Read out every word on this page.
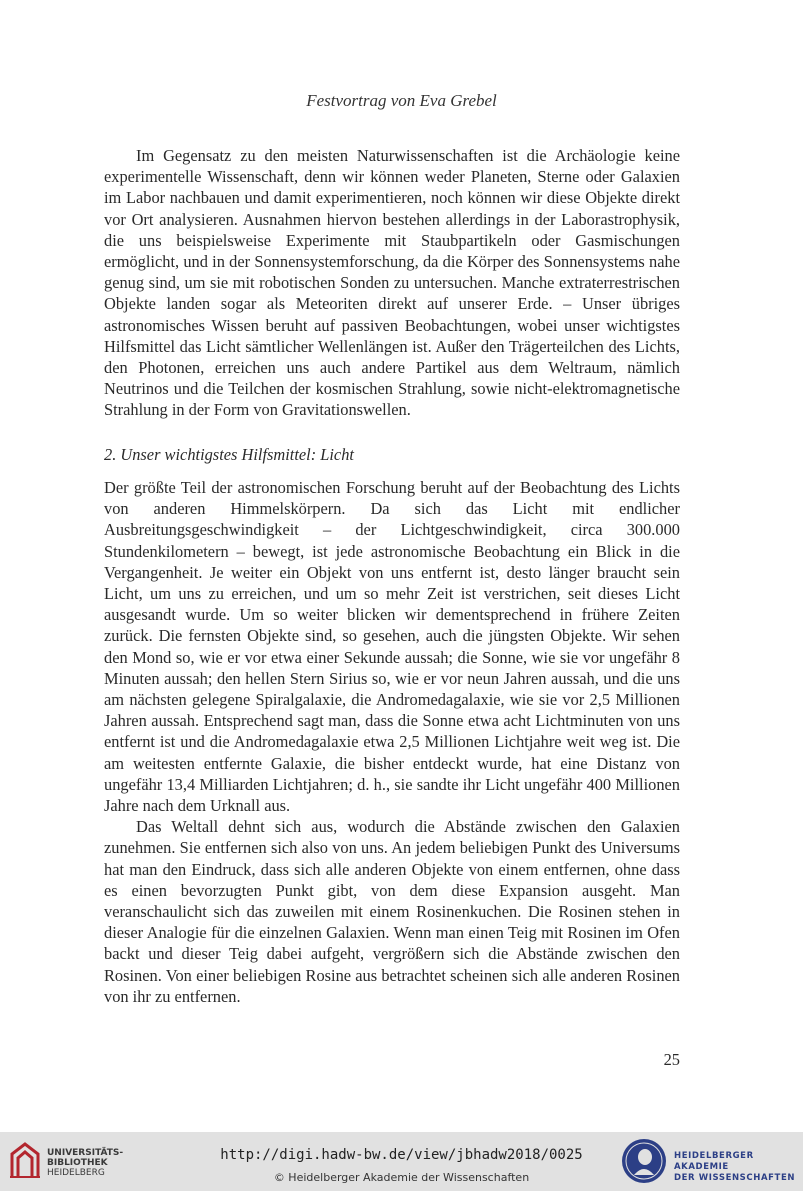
Festvortrag von Eva Grebel

Im Gegensatz zu den meisten Naturwissenschaften ist die Archäologie keine experimentelle Wissenschaft, denn wir können weder Planeten, Sterne oder Galaxien im Labor nachbauen und damit experimentieren, noch können wir diese Objekte direkt vor Ort analysieren. Ausnahmen hiervon bestehen allerdings in der Laborastrophysik, die uns beispielsweise Experimente mit Staubpartikeln oder Gasmischungen ermöglicht, und in der Sonnensystemforschung, da die Körper des Sonnensystems nahe genug sind, um sie mit robotischen Sonden zu untersuchen. Manche extraterrestrischen Objekte landen sogar als Meteoriten direkt auf unserer Erde. – Unser übriges astronomisches Wissen beruht auf passiven Beobachtungen, wobei unser wichtigstes Hilfsmittel das Licht sämtlicher Wellenlängen ist. Außer den Trägerteilchen des Lichts, den Photonen, erreichen uns auch andere Partikel aus dem Weltraum, nämlich Neutrinos und die Teilchen der kosmischen Strahlung, sowie nicht-elektromagnetische Strahlung in der Form von Gravitationswellen.

2. Unser wichtigstes Hilfsmittel: Licht

Der größte Teil der astronomischen Forschung beruht auf der Beobachtung des Lichts von anderen Himmelskörpern. Da sich das Licht mit endlicher Ausbreitungsgeschwindigkeit – der Lichtgeschwindigkeit, circa 300.000 Stundenkilometern – bewegt, ist jede astronomische Beobachtung ein Blick in die Vergangenheit. Je weiter ein Objekt von uns entfernt ist, desto länger braucht sein Licht, um uns zu erreichen, und um so mehr Zeit ist verstrichen, seit dieses Licht ausgesandt wurde. Um so weiter blicken wir dementsprechend in frühere Zeiten zurück. Die fernsten Objekte sind, so gesehen, auch die jüngsten Objekte. Wir sehen den Mond so, wie er vor etwa einer Sekunde aussah; die Sonne, wie sie vor ungefähr 8 Minuten aussah; den hellen Stern Sirius so, wie er vor neun Jahren aussah, und die uns am nächsten gelegene Spiralgalaxie, die Andromedagalaxie, wie sie vor 2,5 Millionen Jahren aussah. Entsprechend sagt man, dass die Sonne etwa acht Lichtminuten von uns entfernt ist und die Andromedagalaxie etwa 2,5 Millionen Lichtjahre weit weg ist. Die am weitesten entfernte Galaxie, die bisher entdeckt wurde, hat eine Distanz von ungefähr 13,4 Milliarden Lichtjahren; d. h., sie sandte ihr Licht ungefähr 400 Millionen Jahre nach dem Urknall aus.

Das Weltall dehnt sich aus, wodurch die Abstände zwischen den Galaxien zunehmen. Sie entfernen sich also von uns. An jedem beliebigen Punkt des Universums hat man den Eindruck, dass sich alle anderen Objekte von einem entfernen, ohne dass es einen bevorzugten Punkt gibt, von dem diese Expansion ausgeht. Man veranschaulicht sich das zuweilen mit einem Rosinenkuchen. Die Rosinen stehen in dieser Analogie für die einzelnen Galaxien. Wenn man einen Teig mit Rosinen im Ofen backt und dieser Teig dabei aufgeht, vergrößern sich die Abstände zwischen den Rosinen. Von einer beliebigen Rosine aus betrachtet scheinen sich alle anderen Rosinen von ihr zu entfernen.

25
UNIVERSITÄTS-
BIBLIOTHEK
HEIDELBERG
http://digi.hadw-bw.de/view/jbhadw2018/0025
© Heidelberger Akademie der Wissenschaften
HEIDELBERGER AKADEMIE
DER WISSENSCHAFTEN
